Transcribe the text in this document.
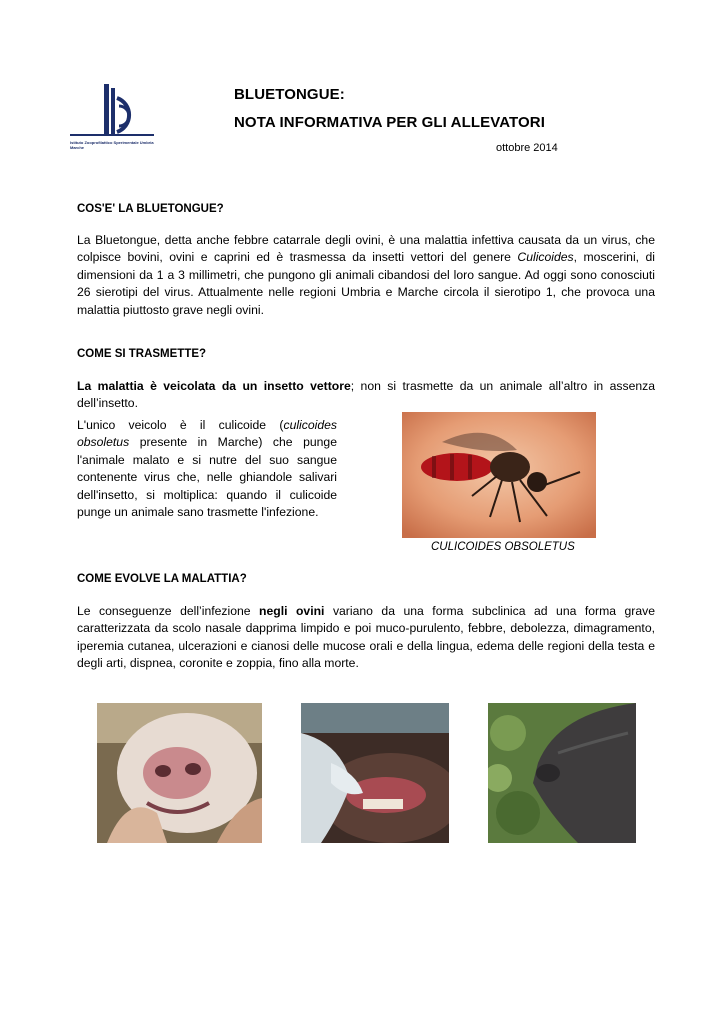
Istituto Zooprofilattico Sperimentale Umbria Marche
BLUETONGUE:
NOTA INFORMATIVA PER GLI ALLEVATORI
ottobre 2014
COS'E' LA BLUETONGUE?
La Bluetongue, detta anche febbre catarrale degli ovini, è una malattia infettiva causata da un virus, che colpisce bovini, ovini e caprini ed è trasmessa da insetti vettori del genere Culicoides, moscerini, di dimensioni da 1 a 3 millimetri, che pungono gli animali cibandosi del loro sangue. Ad oggi sono conosciuti 26 sierotipi del virus. Attualmente nelle regioni Umbria e Marche circola il sierotipo 1, che provoca una malattia piuttosto grave negli ovini.
COME SI TRASMETTE?
La malattia è veicolata da un insetto vettore; non si trasmette da un animale all’altro in assenza dell’insetto.
L'unico veicolo è il culicoide (culicoides obsoletus presente in Marche) che punge l'animale malato e si nutre del suo sangue contenente virus che, nelle ghiandole salivari dell'insetto, si moltiplica: quando il culicoide punge un animale sano trasmette l'infezione.
CULICOIDES OBSOLETUS
COME EVOLVE LA MALATTIA?
Le conseguenze dell’infezione negli ovini variano da una forma subclinica ad una forma grave caratterizzata da scolo nasale dapprima limpido e poi muco-purulento, febbre, debolezza, dimagramento, iperemia cutanea, ulcerazioni e cianosi delle mucose orali e della lingua, edema delle regioni della testa e degli arti, dispnea, coronite e zoppia, fino alla morte.
